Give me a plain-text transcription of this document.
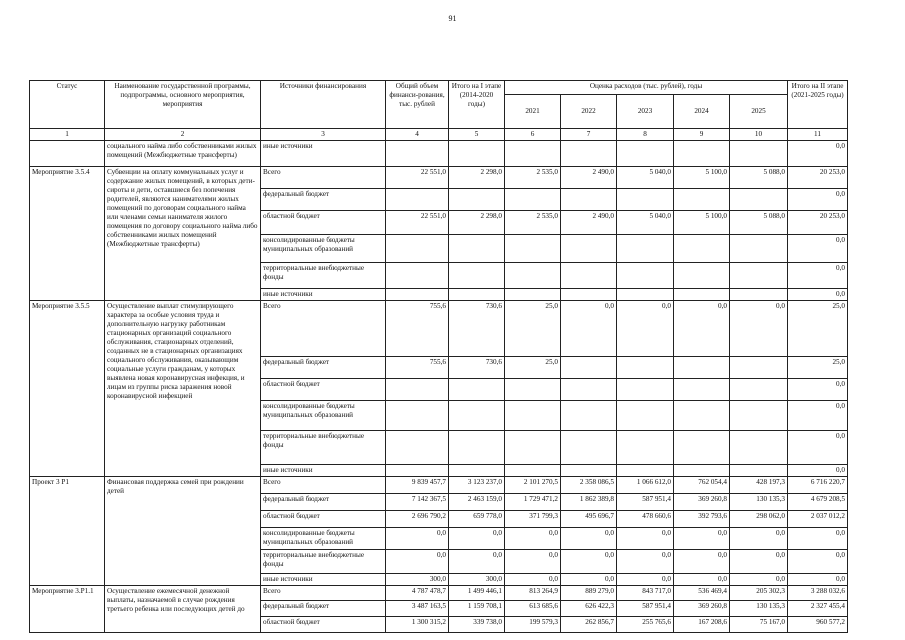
91
Статус	Наименование государственной программы, подпрограммы, основного мероприятия, мероприятия	Источники финансирования	Общий объем финанси-рования, тыс. рублей	Итого на I этапе (2014-2020 годы)	Оценка расходов (тыс. рублей), годы					Итого на II этапе (2021-2025 годы)
					2021	2022	2023	2024	2025	
1	2	3	4	5	6	7	8	9	10	11
	социального найма либо собственниками жилых помещений (Межбюджетные трансферты)	иные источники								0,0
Мероприятие 3.5.4	Субвенции на оплату коммунальных услуг и содержание жилых помещений, в которых дети-сироты и дети, оставшиеся без попечения родителей, являются нанимателями жилых помещений по договорам социального найма или членами семьи нанимателя жилого помещения по договору социального найма либо собственниками жилых помещений (Межбюджетные трансферты)	Всего	22 551,0	2 298,0	2 535,0	2 490,0	5 040,0	5 100,0	5 088,0	20 253,0
		федеральный бюджет								0,0
		областной бюджет	22 551,0	2 298,0	2 535,0	2 490,0	5 040,0	5 100,0	5 088,0	20 253,0
		консолидированные бюджеты муниципальных образований								0,0
		территориальные внебюджетные фонды								0,0
		иные источники								0,0
Мероприятие 3.5.5	Осуществление выплат стимулирующего характера за особые условия труда и дополнительную нагрузку работникам стационарных организаций социального обслуживания, стационарных отделений, созданных не в стационарных организациях социального обслуживания, оказывающим социальные услуги гражданам, у которых выявлена новая коронавирусная инфекция, и лицам из группы риска заражения новой коронавирусной инфекцией	Всего	755,6	730,6	25,0	0,0	0,0	0,0	0,0	25,0
		федеральный бюджет	755,6	730,6	25,0					25,0
		областной бюджет								0,0
		консолидированные бюджеты муниципальных образований								0,0
		территориальные внебюджетные фонды								0,0
		иные источники								0,0
Проект 3 Р1	Финансовая поддержка семей при рождении детей	Всего	9 839 457,7	3 123 237,0	2 101 270,5	2 358 086,5	1 066 612,0	762 054,4	428 197,3	6 716 220,7
		федеральный бюджет	7 142 367,5	2 463 159,0	1 729 471,2	1 862 389,8	587 951,4	369 260,8	130 135,3	4 679 208,5
		областной бюджет	2 696 790,2	659 778,0	371 799,3	495 696,7	478 660,6	392 793,6	298 062,0	2 037 012,2
		консолидированные бюджеты муниципальных образований	0,0	0,0	0,0	0,0	0,0	0,0	0,0	0,0
		территориальные внебюджетные фонды	0,0	0,0	0,0	0,0	0,0	0,0	0,0	0,0
		иные источники	300,0	300,0	0,0	0,0	0,0	0,0	0,0	0,0
Мероприятие 3.Р1.1	Осуществление ежемесячной денежной выплаты, назначаемой в случае рождения третьего ребенка или последующих детей до	Всего	4 787 478,7	1 499 446,1	813 264,9	889 279,0	843 717,0	536 469,4	205 302,3	3 288 032,6
		федеральный бюджет	3 487 163,5	1 159 708,1	613 685,6	626 422,3	587 951,4	369 260,8	130 135,3	2 327 455,4
		областной бюджет	1 300 315,2	339 738,0	199 579,3	262 856,7	255 765,6	167 208,6	75 167,0	960 577,2
